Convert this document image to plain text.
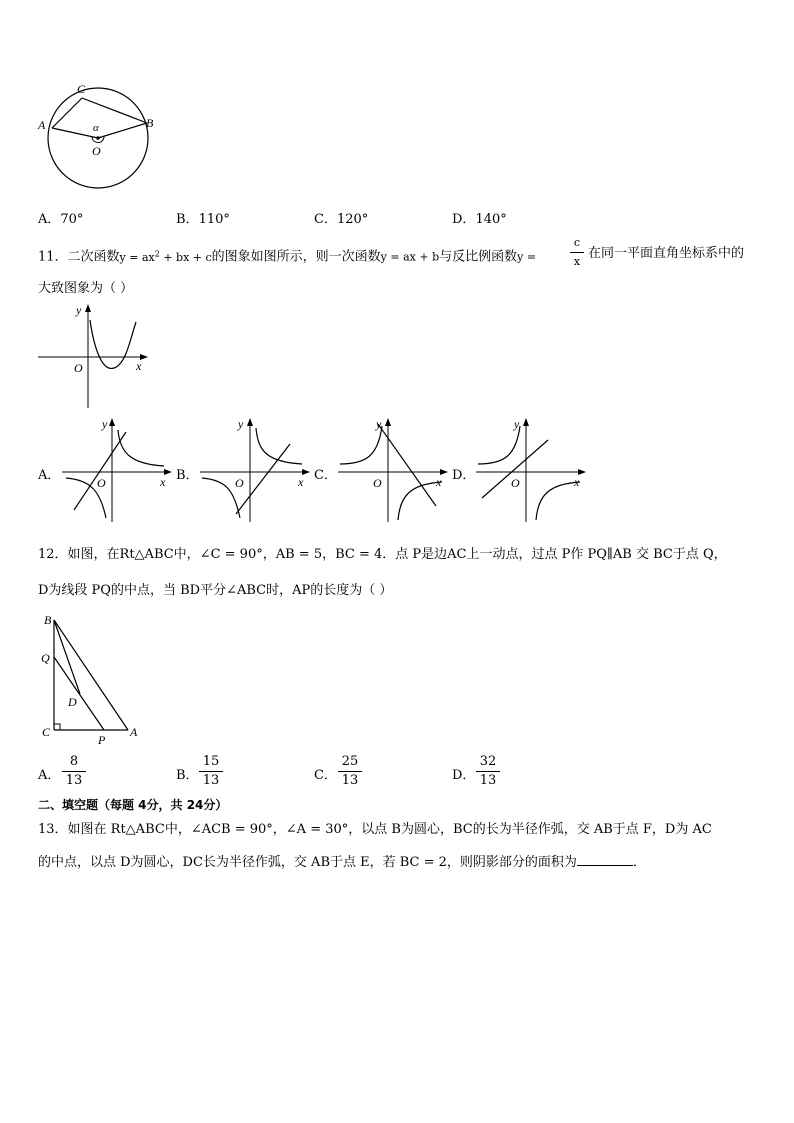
C
A	B
O
α
A．70°	B．110°	C．120°	D．140°
11．二次函数$y = ax^2$ + bx + c的图象如图所示，则一次函数y = ax + b与反比例函数y =
c
x
在同一平面直角坐标系中的
大致图象为（ ）
y
x
O
A．	B．	C．	D．
y
x
O
y
x
O
y
x
O
y
x
O
12．如图，在Rt△ABC中，∠C = 90°，AB = 5，BC = 4．点 P是边AC上一动点，过点 P作 PQ∥AB 交 BC于点 Q，
D为线段 PQ的中点，当 BD平分∠ABC时，AP的长度为（ ）
B
Q
D
C
P
A
A．
8
13	B．
15
13	C．
25
13	D．
32
13
二、填空题（每题 4分，共 24分）
13．如图在 Rt△ABC中，∠ACB = 90°，∠A = 30°，以点 B为圆心，BC的长为半径作弧，交 AB于点 F，D为 AC
的中点，以点 D为圆心，DC长为半径作弧，交 AB于点 E，若 BC = 2，则阴影部分的面积为	．
